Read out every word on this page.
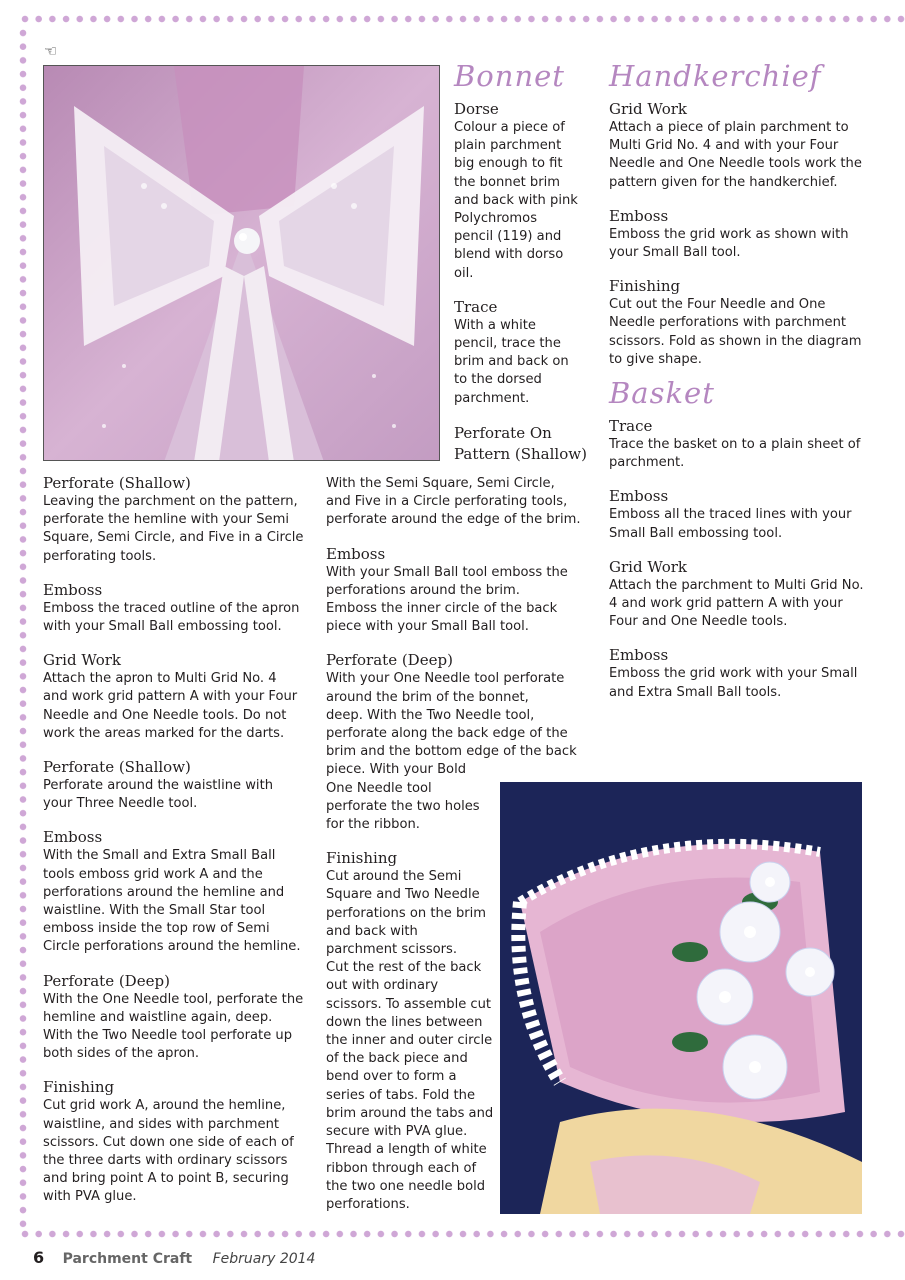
☜
Perforate (Shallow)
Leaving the parchment on the pattern,
perforate the hemline with your Semi
Square, Semi Circle, and Five in a Circle
perforating tools.
Emboss
Emboss the traced outline of the apron
with your Small Ball embossing tool.
Grid Work
Attach the apron to Multi Grid No. 4
and work grid pattern A with your Four
Needle and One Needle tools. Do not
work the areas marked for the darts.
Perforate (Shallow)
Perforate around the waistline with
your Three Needle tool.
Emboss
With the Small and Extra Small Ball
tools emboss grid work A and the
perforations around the hemline and
waistline. With the Small Star tool
emboss inside the top row of Semi
Circle perforations around the hemline.
Perforate (Deep)
With the One Needle tool, perforate the
hemline and waistline again, deep.
With the Two Needle tool perforate up
both sides of the apron.
Finishing
Cut grid work A, around the hemline,
waistline, and sides with parchment
scissors. Cut down one side of each of
the three darts with ordinary scissors
and bring point A to point B, securing
with PVA glue.
Bonnet
Dorse
Colour a piece of
plain parchment
big enough to fit
the bonnet brim
and back with pink
Polychromos
pencil (119) and
blend with dorso
oil.
Trace
With a white
pencil, trace the
brim and back on
to the dorsed
parchment.
Perforate On
Pattern (Shallow)
With the Semi Square, Semi Circle,
and Five in a Circle perforating tools,
perforate around the edge of the brim.
Emboss
With your Small Ball tool emboss the
perforations around the brim.
Emboss the inner circle of the back
piece with your Small Ball tool.
Perforate (Deep)
With your One Needle tool perforate
around the brim of the bonnet,
deep. With the Two Needle tool,
perforate along the back edge of the
brim and the bottom edge of the back
piece. With your Bold
One Needle tool
perforate the two holes
for the ribbon.
Finishing
Cut around the Semi
Square and Two Needle
perforations on the brim
and back with
parchment scissors.
Cut the rest of the back
out with ordinary
scissors. To assemble cut
down the lines between
the inner and outer circle
of the back piece and
bend over to form a
series of tabs. Fold the
brim around the tabs and
secure with PVA glue.
Thread a length of white
ribbon through each of
the two one needle bold
perforations.
Handkerchief
Grid Work
Attach a piece of plain parchment to
Multi Grid No. 4 and with your Four
Needle and One Needle tools work the
pattern given for the handkerchief.
Emboss
Emboss the grid work as shown with
your Small Ball tool.
Finishing
Cut out the Four Needle and One
Needle perforations with parchment
scissors. Fold as shown in the diagram
to give shape.
Basket
Trace
Trace the basket on to a plain sheet of
parchment.
Emboss
Emboss all the traced lines with your
Small Ball embossing tool.
Grid Work
Attach the parchment to Multi Grid No.
4 and work grid pattern A with your
Four and One Needle tools.
Emboss
Emboss the grid work with your Small
and Extra Small Ball tools.
6 Parchment Craft February 2014
